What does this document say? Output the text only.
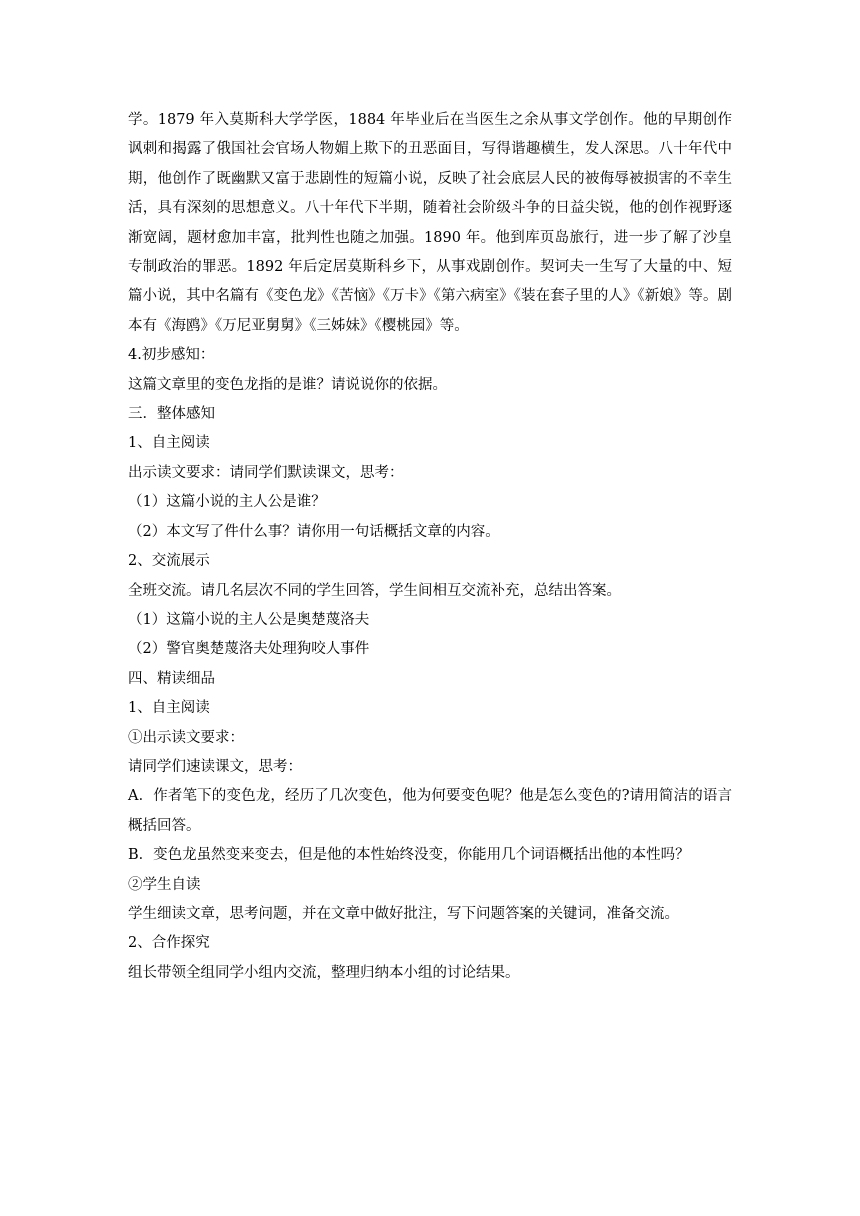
学。1879 年入莫斯科大学学医，1884 年毕业后在当医生之余从事文学创作。他的早期创作讽刺和揭露了俄国社会官场人物媚上欺下的丑恶面目，写得谐趣横生，发人深思。八十年代中期，他创作了既幽默又富于悲剧性的短篇小说，反映了社会底层人民的被侮辱被损害的不幸生活，具有深刻的思想意义。八十年代下半期，随着社会阶级斗争的日益尖锐，他的创作视野逐渐宽阔，题材愈加丰富，批判性也随之加强。1890 年。他到库页岛旅行，进一步了解了沙皇专制政治的罪恶。1892 年后定居莫斯科乡下，从事戏剧创作。契诃夫一生写了大量的中、短篇小说，其中名篇有《变色龙》《苦恼》《万卡》《第六病室》《装在套子里的人》《新娘》等。剧本有《海鸥》《万尼亚舅舅》《三姊妹》《樱桃园》等。

4.初步感知：

这篇文章里的变色龙指的是谁？请说说你的依据。

三．整体感知

1、自主阅读

出示读文要求：请同学们默读课文，思考：

（1）这篇小说的主人公是谁？

（2）本文写了件什么事？请你用一句话概括文章的内容。

2、交流展示

全班交流。请几名层次不同的学生回答，学生间相互交流补充，总结出答案。

（1）这篇小说的主人公是奥楚蔑洛夫

（2）警官奥楚蔑洛夫处理狗咬人事件

四、精读细品

1、自主阅读

①出示读文要求：

请同学们速读课文，思考：

A．作者笔下的变色龙，经历了几次变色，他为何要变色呢？他是怎么变色的?请用简洁的语言概括回答。

B．变色龙虽然变来变去，但是他的本性始终没变，你能用几个词语概括出他的本性吗？

②学生自读

学生细读文章，思考问题，并在文章中做好批注，写下问题答案的关键词，准备交流。

2、合作探究

组长带领全组同学小组内交流，整理归纳本小组的讨论结果。
